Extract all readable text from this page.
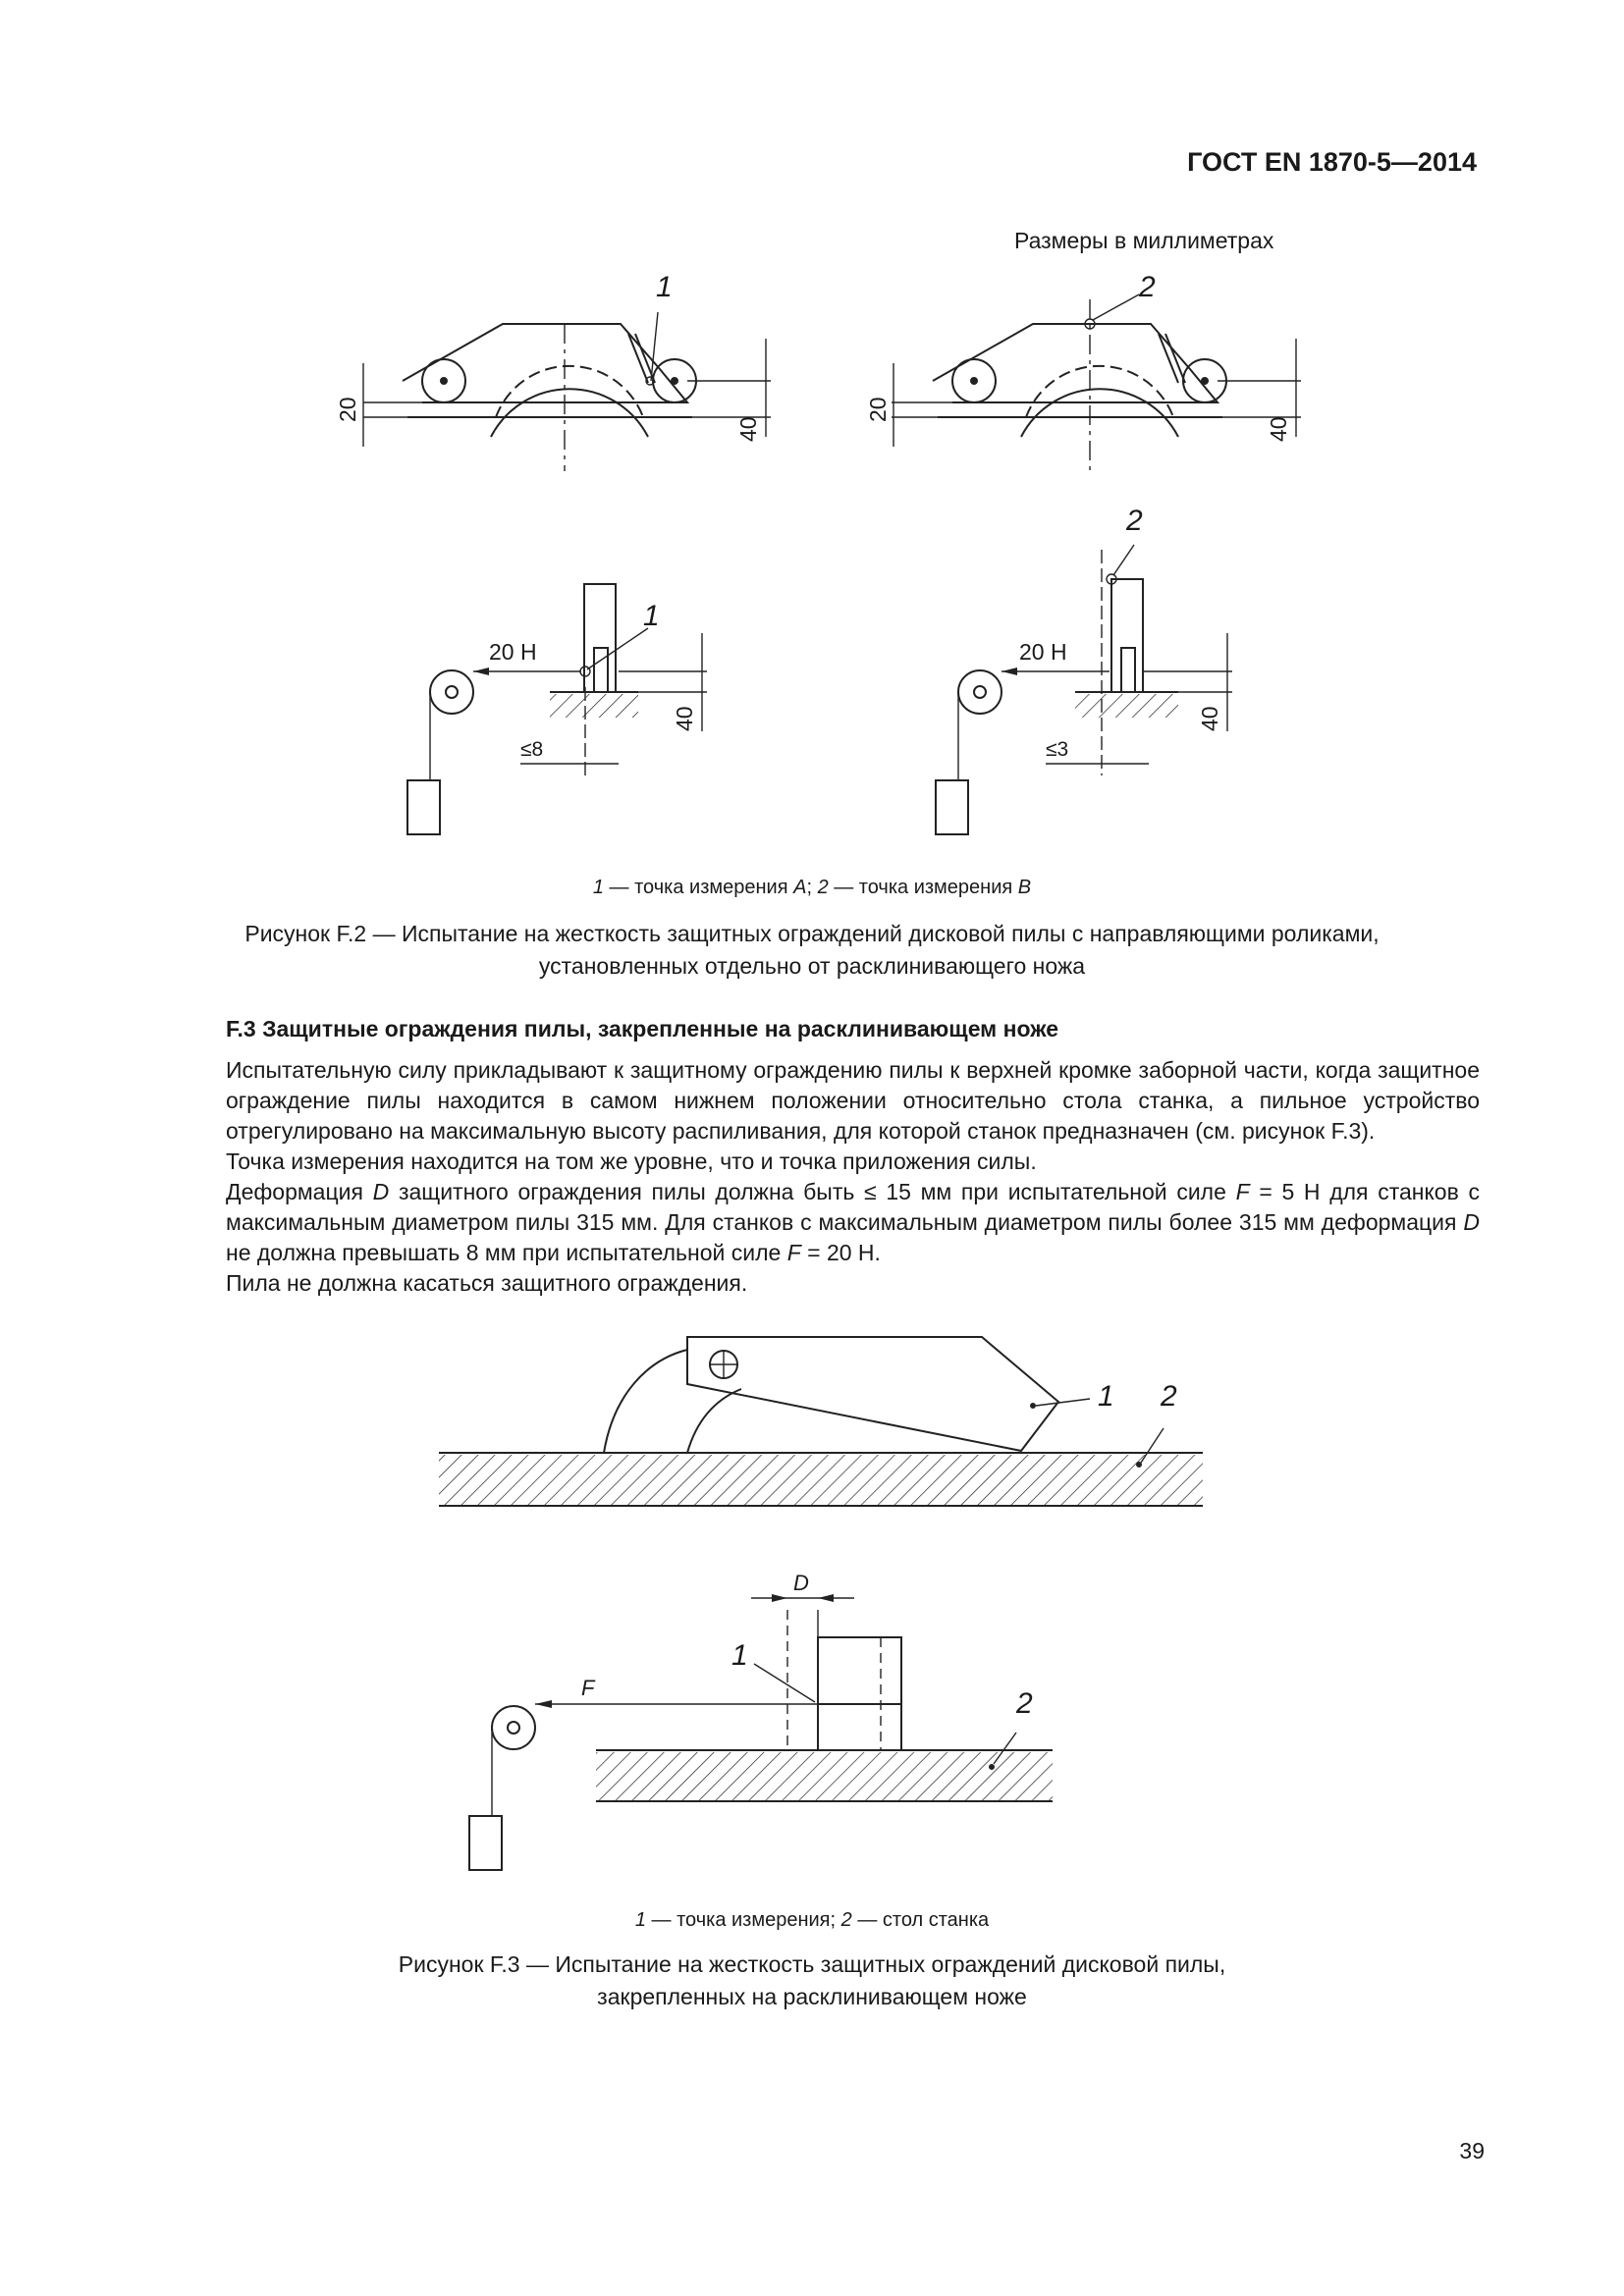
ГОСТ EN 1870-5—2014
Размеры в миллиметрах
1	2
20
40
20
40
1
2
20 Н	20 Н
40	40
≤8	≤3
1 — точка измерения A; 2 — точка измерения B
Рисунок F.2 — Испытание на жесткость защитных ограждений дисковой пилы с направляющими роликами,
установленных отдельно от расклинивающего ножа
F.3 Защитные ограждения пилы, закрепленные на расклинивающем ноже
Испытательную силу прикладывают к защитному ограждению пилы к верхней кромке заборной части, когда защитное ограждение пилы находится в самом нижнем положении относительно стола станка, а пильное устройство отрегулировано на максимальную высоту распиливания, для которой станок предназначен (см. рисунок F.3).
Точка измерения находится на том же уровне, что и точка приложения силы.
Деформация D защитного ограждения пилы должна быть ≤ 15 мм при испытательной силе F = 5 Н для станков с максимальным диаметром пилы 315 мм. Для станков с максимальным диаметром пилы более 315 мм деформация D не должна превышать 8 мм при испытательной силе F = 20 Н.
Пила не должна касаться защитного ограждения.
1 2
1
2
D
F
1 — точка измерения; 2 — стол станка
Рисунок F.3 — Испытание на жесткость защитных ограждений дисковой пилы,
закрепленных на расклинивающем ноже
39
